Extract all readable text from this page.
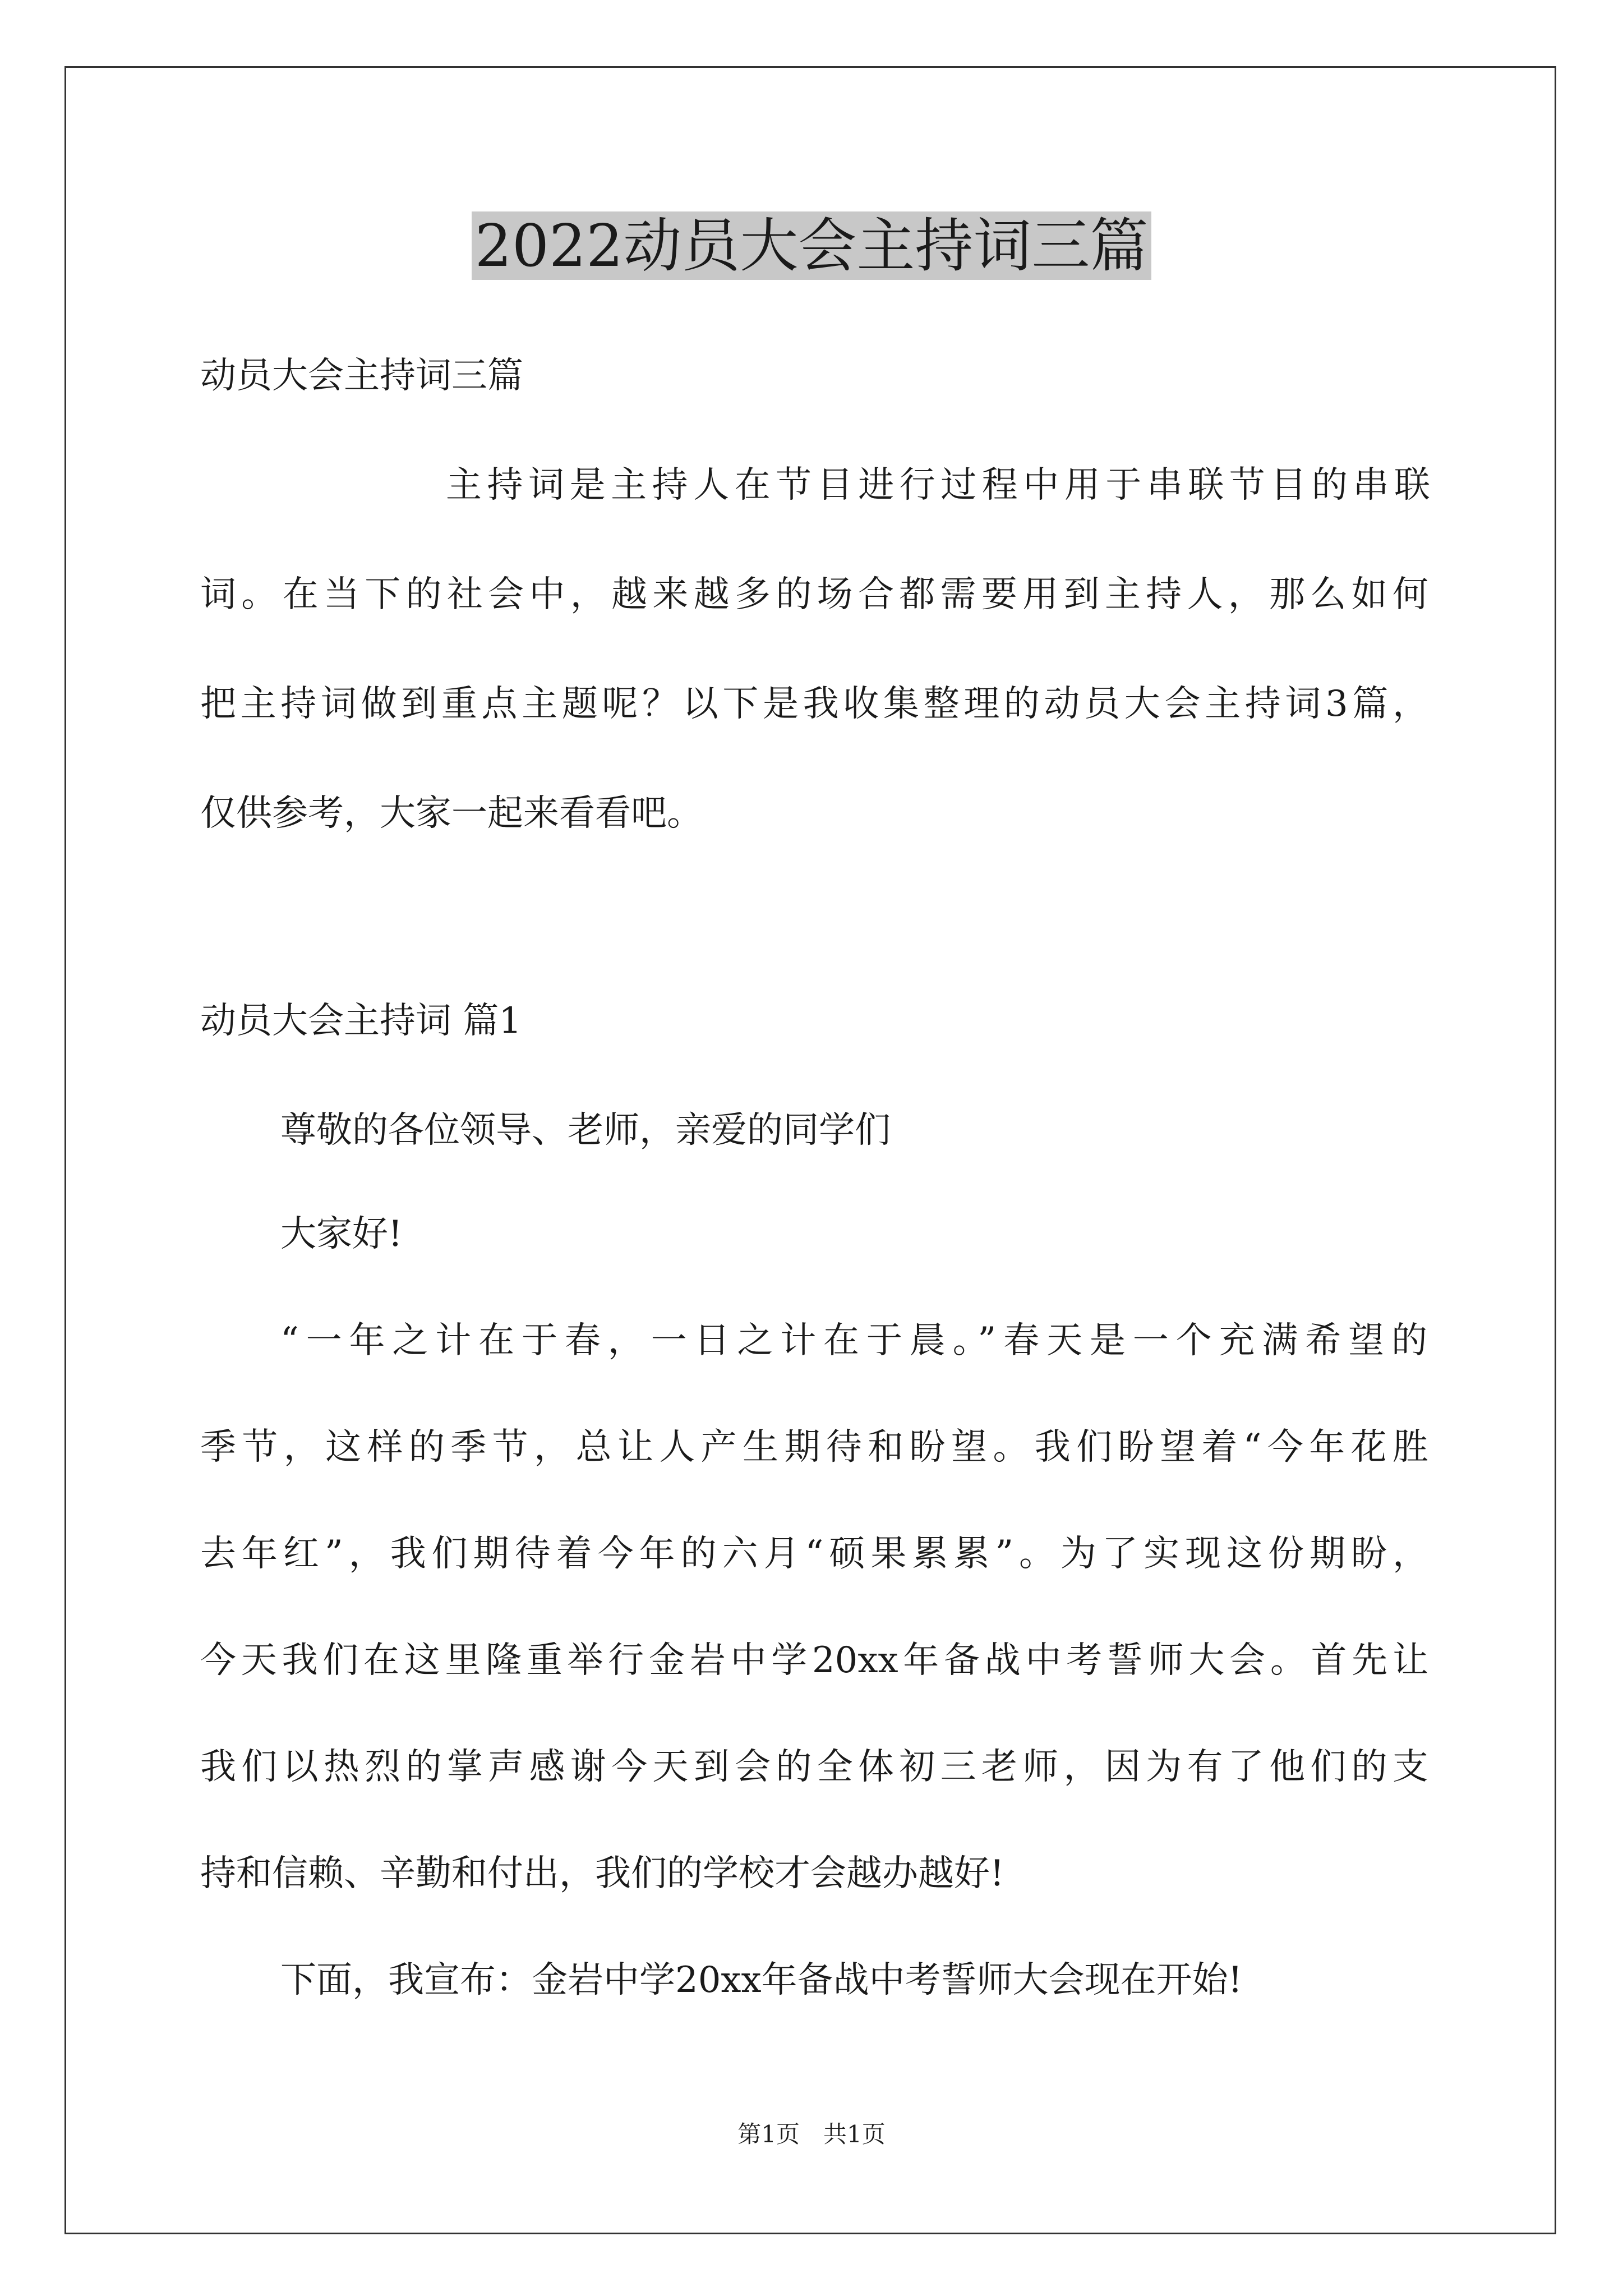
2022动员大会主持词三篇
动员大会主持词三篇
主持词是主持人在节目进行过程中用于串联节目的串联
词。在当下的社会中，越来越多的场合都需要用到主持人，那么如何
把主持词做到重点主题呢？以下是我收集整理的动员大会主持词3篇，
仅供参考，大家一起来看看吧。
动员大会主持词 篇1
尊敬的各位领导、老师，亲爱的同学们
大家好!
“一年之计在于春，一日之计在于晨。”春天是一个充满希望的
季节，这样的季节，总让人产生期待和盼望。我们盼望着“今年花胜
去年红”，我们期待着今年的六月“硕果累累”。为了实现这份期盼，
今天我们在这里隆重举行金岩中学20xx年备战中考誓师大会。首先让
我们以热烈的掌声感谢今天到会的全体初三老师，因为有了他们的支
持和信赖、辛勤和付出，我们的学校才会越办越好!
下面，我宣布：金岩中学20xx年备战中考誓师大会现在开始!
第1页　共1页
